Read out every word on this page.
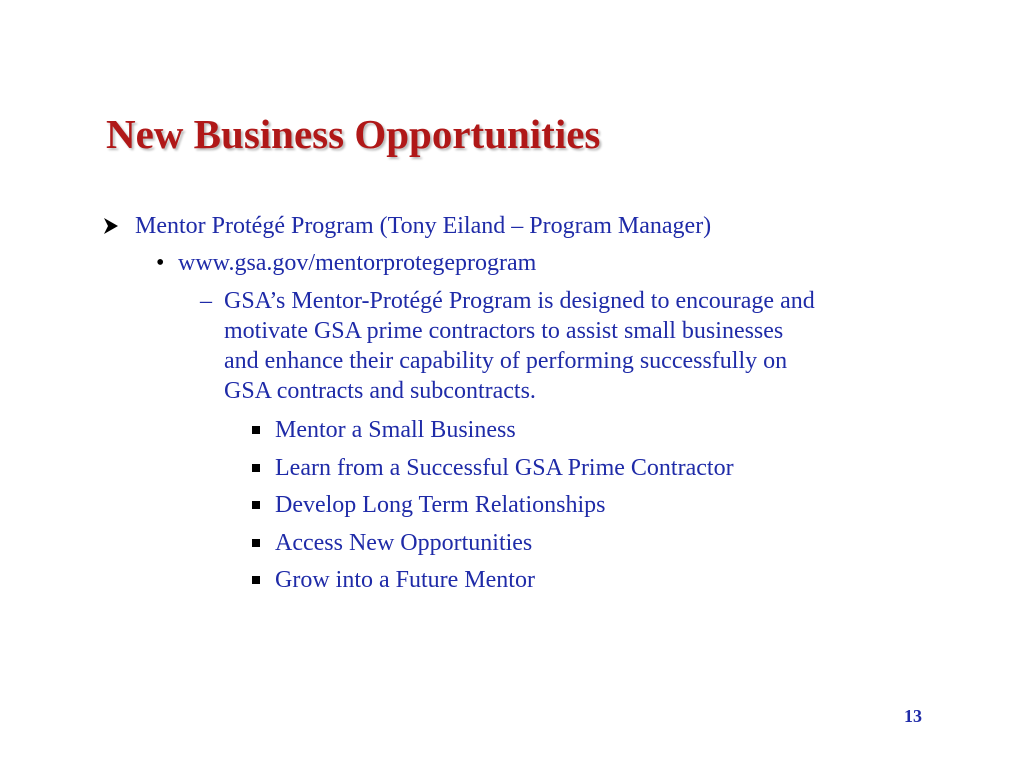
New Business Opportunities
Mentor Protégé Program (Tony Eiland – Program Manager)
• www.gsa.gov/mentorprotegeprogram
– GSA’s Mentor-Protégé Program is designed to encourage and
motivate GSA prime contractors to assist small businesses
and enhance their capability of performing successfully on
GSA contracts and subcontracts.
Mentor a Small Business
Learn from a Successful GSA Prime Contractor
Develop Long Term Relationships
Access New Opportunities
Grow into a Future Mentor
13
